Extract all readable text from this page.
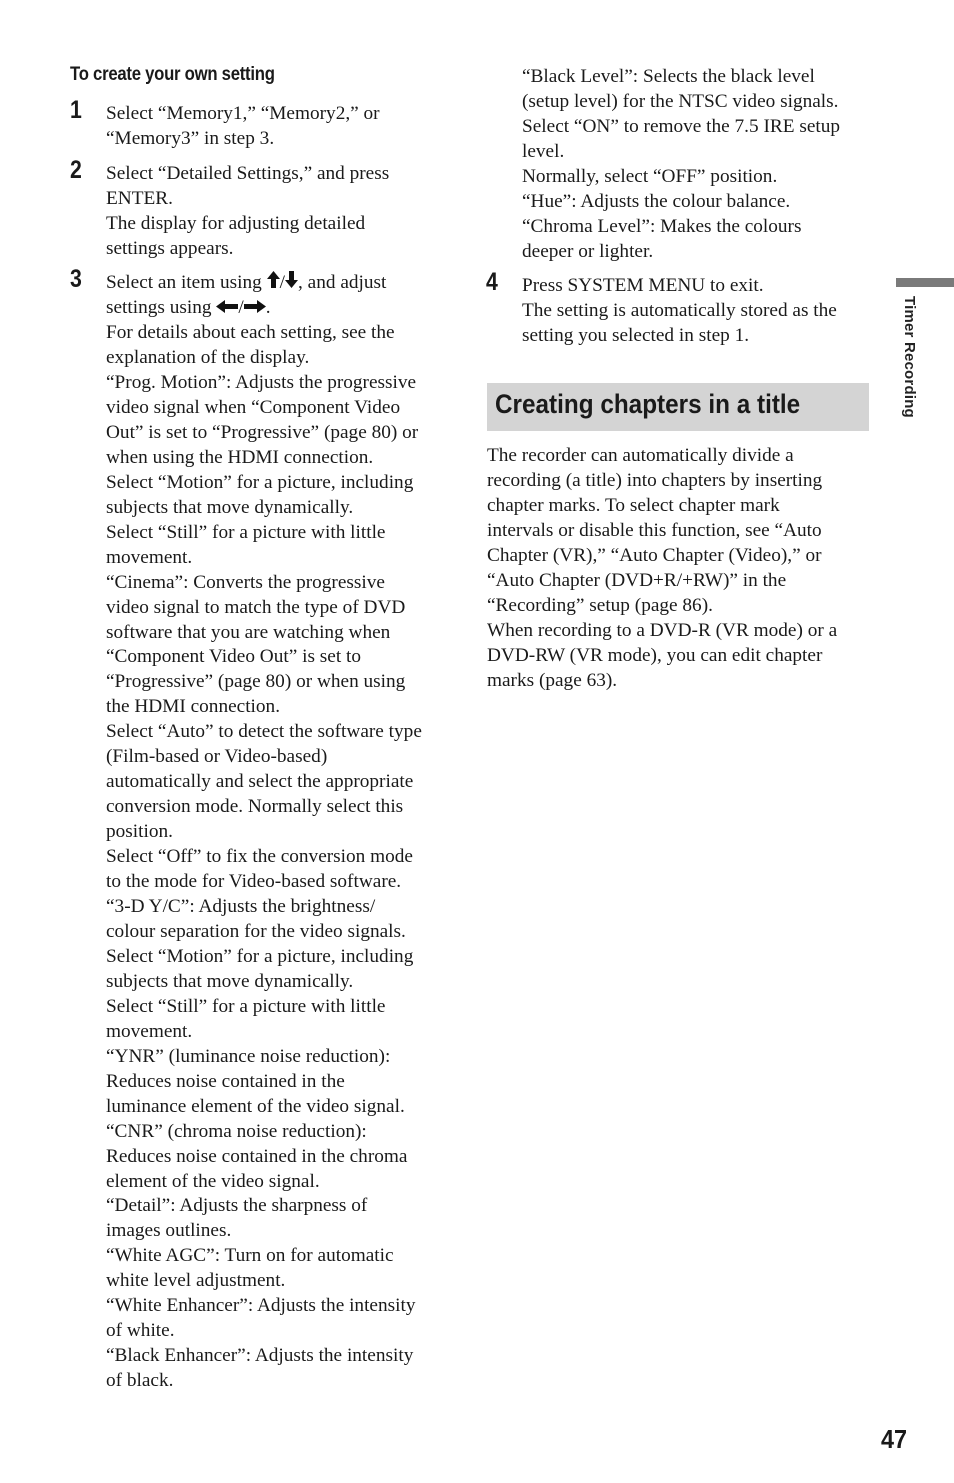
To create your own setting
1 Select “Memory1,” “Memory2,” or

“Memory3” in step 3.

2 Select “Detailed Settings,” and press

ENTER.

The display for adjusting detailed

settings appears.

3 Select an item using / , and adjust

settings using / .

For details about each setting, see the

explanation of the display.

“Prog. Motion”: Adjusts the progressive

video signal when “Component Video

Out” is set to “Progressive” (page 80) or

when using the HDMI connection.

Select “Motion” for a picture, including

subjects that move dynamically.

Select “Still” for a picture with little

movement.

“Cinema”: Converts the progressive

video signal to match the type of DVD

software that you are watching when

“Component Video Out” is set to

“Progressive” (page 80) or when using

the HDMI connection.

Select “Auto” to detect the software type

(Film-based or Video-based)

automatically and select the appropriate

conversion mode. Normally select this

position.

Select “Off” to fix the conversion mode

to the mode for Video-based software.

“3-D Y/C”: Adjusts the brightness/

colour separation for the video signals.

Select “Motion” for a picture, including

subjects that move dynamically.

Select “Still” for a picture with little

movement.

“YNR” (luminance noise reduction):

Reduces noise contained in the

luminance element of the video signal.

“CNR” (chroma noise reduction):

Reduces noise contained in the chroma

element of the video signal.

“Detail”: Adjusts the sharpness of

images outlines.

“White AGC”: Turn on for automatic

white level adjustment.

“White Enhancer”: Adjusts the intensity

of white.

“Black Enhancer”: Adjusts the intensity

of black.

“Black Level”: Selects the black level

(setup level) for the NTSC video signals.

Select “ON” to remove the 7.5 IRE setup

level.

Normally, select “OFF” position.

“Hue”: Adjusts the colour balance.

“Chroma Level”: Makes the colours

deeper or lighter.

4 Press SYSTEM MENU to exit.

The setting is automatically stored as the

setting you selected in step 1.

Creating chapters in a title

The recorder can automatically divide a

recording (a title) into chapters by inserting

chapter marks. To select chapter mark

intervals or disable this function, see “Auto

Chapter (VR),” “Auto Chapter (Video),” or

“Auto Chapter (DVD+R/+RW)” in the

“Recording” setup (page 86).

When recording to a DVD-R (VR mode) or a

DVD-RW (VR mode), you can edit chapter

marks (page 63).

Timer Recording
47
